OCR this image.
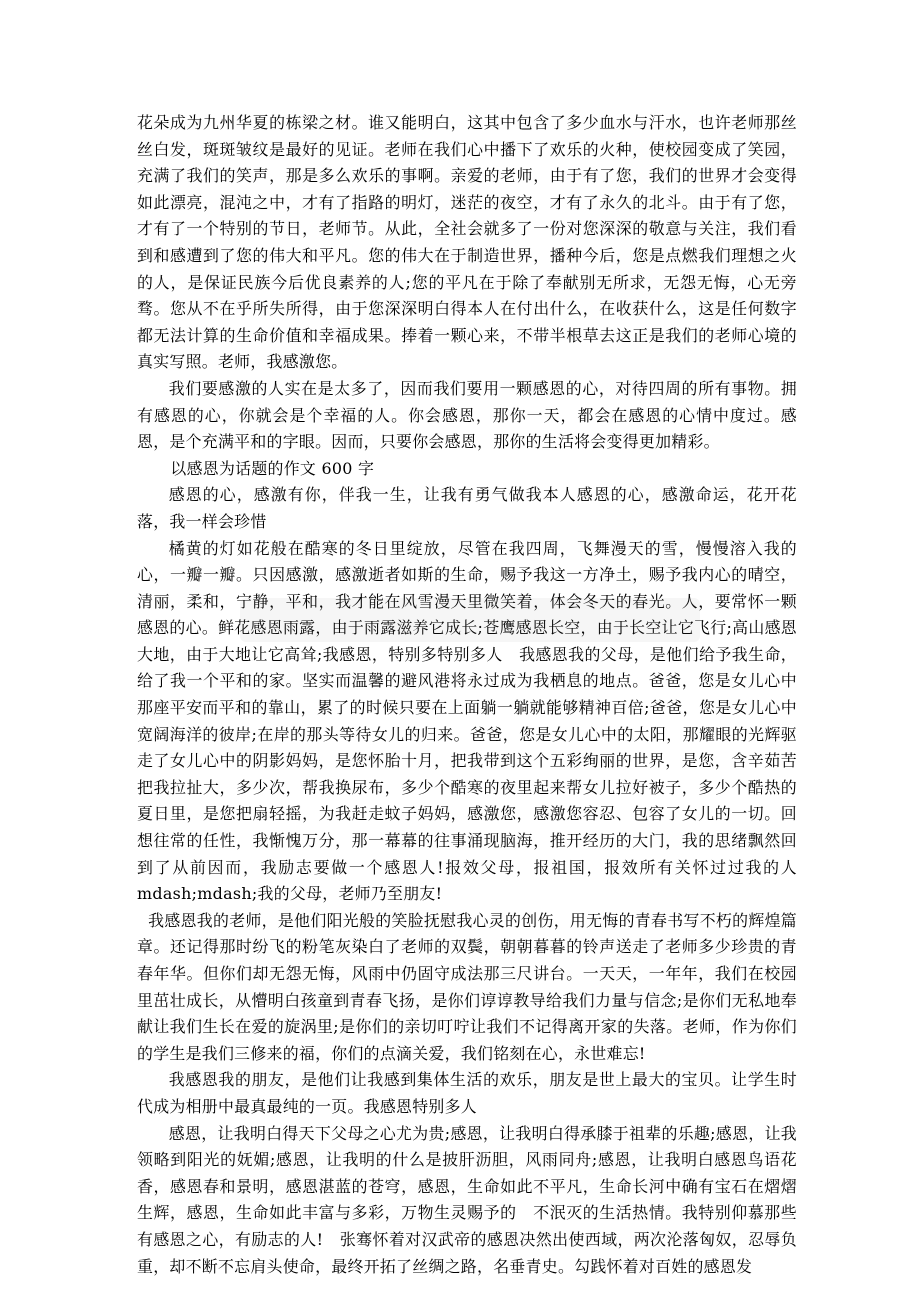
花朵成为九州华夏的栋梁之材。谁又能明白，这其中包含了多少血水与汗水，也许老师那丝丝白发，斑斑皱纹是最好的见证。老师在我们心中播下了欢乐的火种，使校园变成了笑园，充满了我们的笑声，那是多么欢乐的事啊。亲爱的老师，由于有了您，我们的世界才会变得如此漂亮，混沌之中，才有了指路的明灯，迷茫的夜空，才有了永久的北斗。由于有了您，才有了一个特别的节日，老师节。从此，全社会就多了一份对您深深的敬意与关注，我们看到和感遭到了您的伟大和平凡。您的伟大在于制造世界，播种今后，您是点燃我们理想之火的人，是保证民族今后优良素养的人;您的平凡在于除了奉献别无所求，无怨无悔，心无旁骛。您从不在乎所失所得，由于您深深明白得本人在付出什么，在收获什么，这是任何数字都无法计算的生命价值和幸福成果。捧着一颗心来，不带半根草去这正是我们的老师心境的真实写照。老师，我感激您。

我们要感激的人实在是太多了，因而我们要用一颗感恩的心，对待四周的所有事物。拥有感恩的心，你就会是个幸福的人。你会感恩，那你一天，都会在感恩的心情中度过。感恩，是个充满平和的字眼。因而，只要你会感恩，那你的生活将会变得更加精彩。

以感恩为话题的作文 600 字

感恩的心，感激有你，伴我一生，让我有勇气做我本人感恩的心，感激命运，花开花落，我一样会珍惜

橘黄的灯如花般在酷寒的冬日里绽放，尽管在我四周，飞舞漫天的雪，慢慢溶入我的心，一瓣一瓣。只因感激，感激逝者如斯的生命，赐予我这一方净土，赐予我内心的晴空，清丽，柔和，宁静，平和，我才能在风雪漫天里微笑着，体会冬天的春光。人，要常怀一颗感恩的心。鲜花感恩雨露，由于雨露滋养它成长;苍鹰感恩长空，由于长空让它飞行;高山感恩大地，由于大地让它高耸;我感恩，特别多特别多人　我感恩我的父母，是他们给予我生命，给了我一个平和的家。坚实而温馨的避风港将永过成为我栖息的地点。爸爸，您是女儿心中那座平安而平和的靠山，累了的时候只要在上面躺一躺就能够精神百倍;爸爸，您是女儿心中宽阔海洋的彼岸;在岸的那头等待女儿的归来。爸爸，您是女儿心中的太阳，那耀眼的光辉驱走了女儿心中的阴影妈妈，是您怀胎十月，把我带到这个五彩绚丽的世界，是您，含辛茹苦把我拉扯大，多少次，帮我换尿布，多少个酷寒的夜里起来帮女儿拉好被子，多少个酷热的夏日里，是您把扇轻摇，为我赶走蚊子妈妈，感激您，感激您容忍、包容了女儿的一切。回想往常的任性，我惭愧万分，那一幕幕的往事涌现脑海，推开经历的大门，我的思绪飘然回到了从前因而，我励志要做一个感恩人!报效父母，报祖国，报效所有关怀过过我的人mdash;mdash;我的父母，老师乃至朋友!

我感恩我的老师，是他们阳光般的笑脸抚慰我心灵的创伤，用无悔的青春书写不朽的辉煌篇章。还记得那时纷飞的粉笔灰染白了老师的双鬓，朝朝暮暮的铃声送走了老师多少珍贵的青春年华。但你们却无怨无悔，风雨中仍固守成法那三尺讲台。一天天，一年年，我们在校园里茁壮成长，从懵明白孩童到青春飞扬，是你们谆谆教导给我们力量与信念;是你们无私地奉献让我们生长在爱的旋涡里;是你们的亲切叮咛让我们不记得离开家的失落。老师，作为你们的学生是我们三修来的福，你们的点滴关爱，我们铭刻在心，永世难忘!

我感恩我的朋友，是他们让我感到集体生活的欢乐，朋友是世上最大的宝贝。让学生时代成为相册中最真最纯的一页。我感恩特别多人

感恩，让我明白得天下父母之心尤为贵;感恩，让我明白得承膝于祖辈的乐趣;感恩，让我领略到阳光的妩媚;感恩，让我明的什么是披肝沥胆，风雨同舟;感恩，让我明白感恩鸟语花香，感恩春和景明，感恩湛蓝的苍穹，感恩，生命如此不平凡，生命长河中确有宝石在熠熠生辉，感恩，生命如此丰富与多彩，万物生灵赐予的　不泯灭的生活热情。我特别仰慕那些有感恩之心，有励志的人!　张骞怀着对汉武帝的感恩决然出使西域，两次沦落匈奴，忍辱负重，却不断不忘肩头使命，最终开拓了丝绸之路，名垂青史。勾践怀着对百姓的感恩发
